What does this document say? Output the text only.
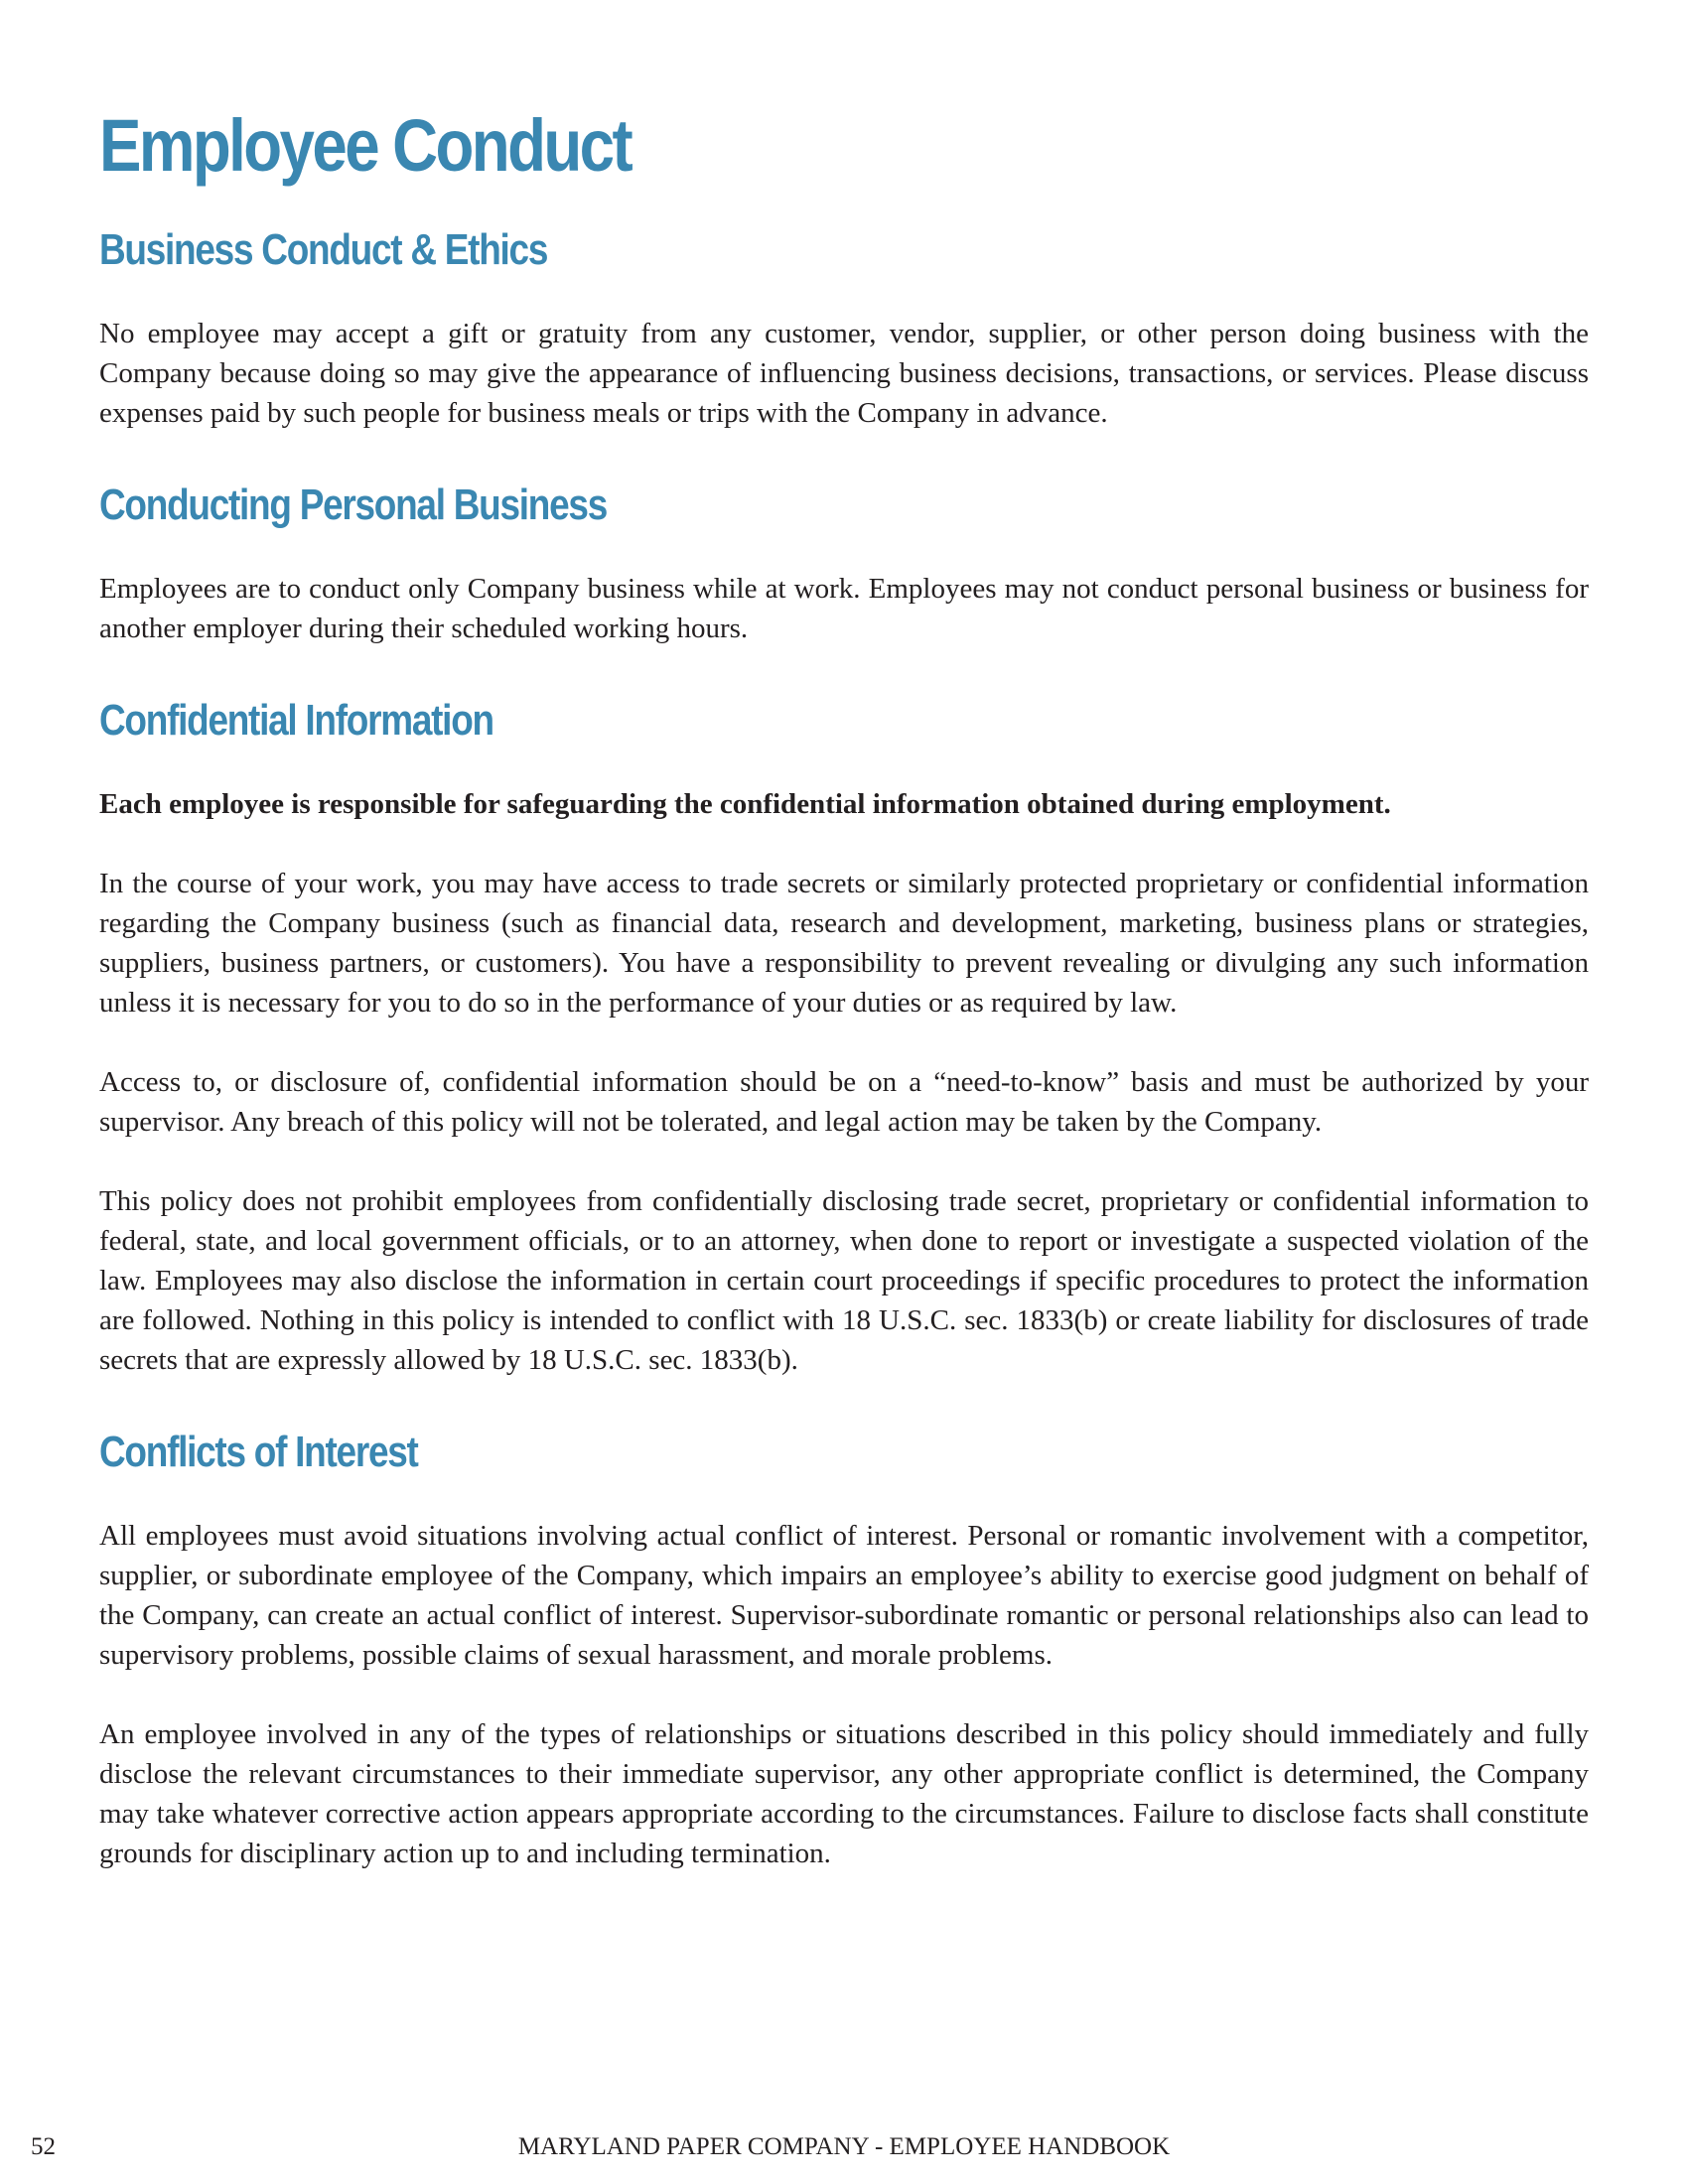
Employee Conduct
Business Conduct & Ethics

No employee may accept a gift or gratuity from any customer, vendor, supplier, or other person doing business with the Company because doing so may give the appearance of influencing business decisions, transactions, or services. Please discuss expenses paid by such people for business meals or trips with the Company in advance.

Conducting Personal Business

Employees are to conduct only Company business while at work. Employees may not conduct personal business or business for another employer during their scheduled working hours.

Confidential Information

Each employee is responsible for safeguarding the confidential information obtained during employment.

In the course of your work, you may have access to trade secrets or similarly protected proprietary or confidential information regarding the Company business (such as financial data, research and development, marketing, business plans or strategies, suppliers, business partners, or customers). You have a responsibility to prevent revealing or divulging any such information unless it is necessary for you to do so in the performance of your duties or as required by law.

Access to, or disclosure of, confidential information should be on a “need-to-know” basis and must be authorized by your supervisor. Any breach of this policy will not be tolerated, and legal action may be taken by the Company.

This policy does not prohibit employees from confidentially disclosing trade secret, proprietary or confidential information to federal, state, and local government officials, or to an attorney, when done to report or investigate a suspected violation of the law. Employees may also disclose the information in certain court proceedings if specific procedures to protect the information are followed. Nothing in this policy is intended to conflict with 18 U.S.C. sec. 1833(b) or create liability for disclosures of trade secrets that are expressly allowed by 18 U.S.C. sec. 1833(b).

Conflicts of Interest

All employees must avoid situations involving actual conflict of interest. Personal or romantic involvement with a competitor, supplier, or subordinate employee of the Company, which impairs an employee’s ability to exercise good judgment on behalf of the Company, can create an actual conflict of interest. Supervisor-subordinate romantic or personal relationships also can lead to supervisory problems, possible claims of sexual harassment, and morale problems.

An employee involved in any of the types of relationships or situations described in this policy should immediately and fully disclose the relevant circumstances to their immediate supervisor, any other appropriate conflict is determined, the Company may take whatever corrective action appears appropriate according to the circumstances. Failure to disclose facts shall constitute grounds for disciplinary action up to and including termination.

52	MARYLAND PAPER COMPANY - EMPLOYEE HANDBOOK
